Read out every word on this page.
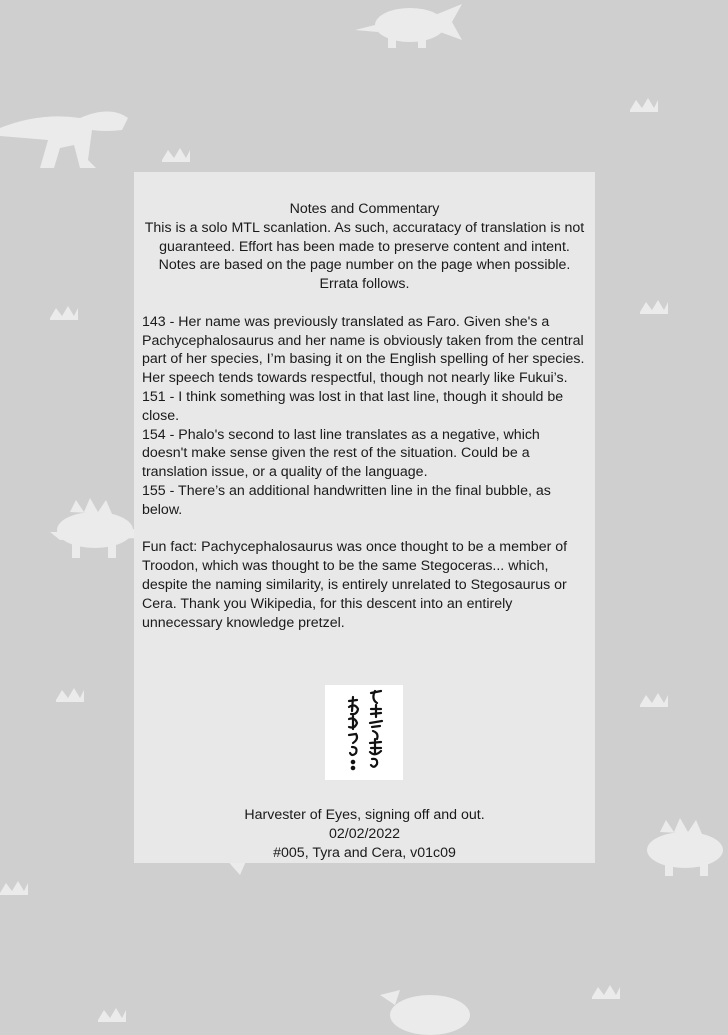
Notes and Commentary
This is a solo MTL scanlation. As such, accuratacy of translation is not
guaranteed. Effort has been made to preserve content and intent.
Notes are based on the page number on the page when possible.
Errata follows.
143 - Her name was previously translated as Faro. Given she's a
Pachycephalosaurus and her name is obviously taken from the central
part of her species, I’m basing it on the English spelling of her species.
Her speech tends towards respectful, though not nearly like Fukui’s.
151 - I think something was lost in that last line, though it should be
close.
154 - Phalo's second to last line translates as a negative, which
doesn't make sense given the rest of the situation. Could be a
translation issue, or a quality of the language.
155 - There’s an additional handwritten line in the final bubble, as
below.
Fun fact: Pachycephalosaurus was once thought to be a member of
Troodon, which was thought to be the same Stegoceras... which,
despite the naming similarity, is entirely unrelated to Stegosaurus or
Cera. Thank you Wikipedia, for this descent into an entirely
unnecessary knowledge pretzel.
Harvester of Eyes, signing off and out.
02/02/2022
#005, Tyra and Cera, v01c09
